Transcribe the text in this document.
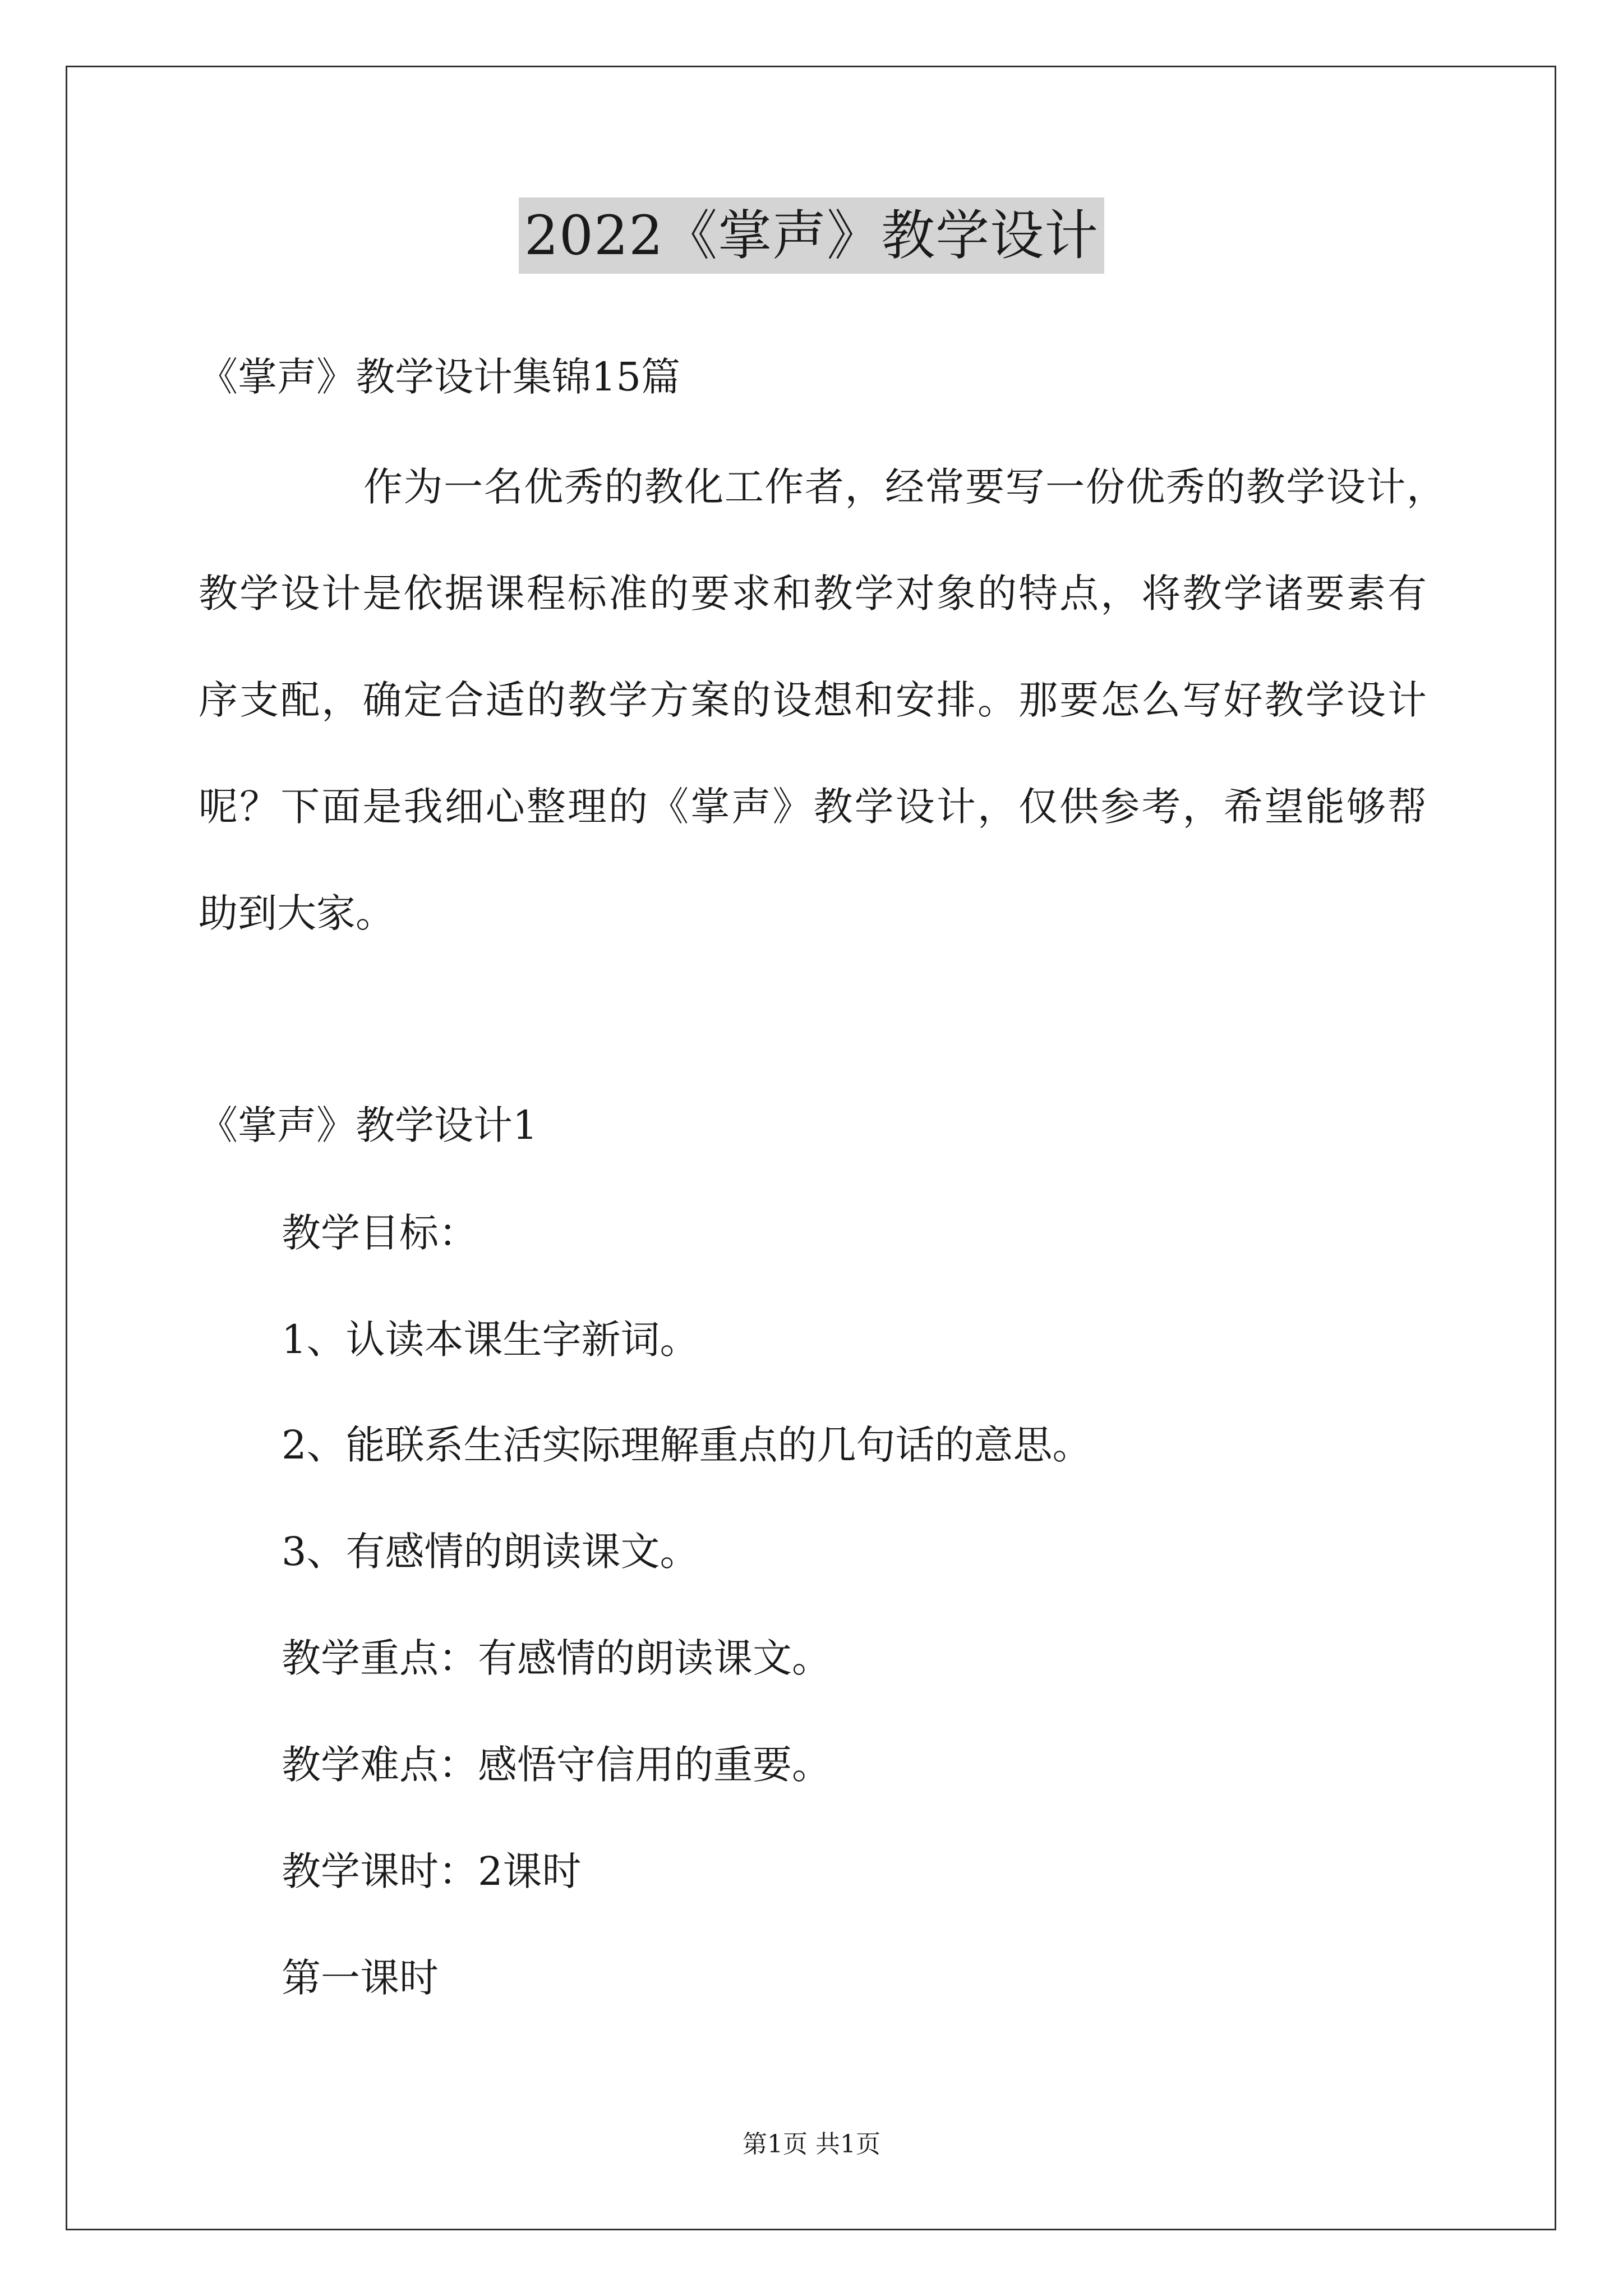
2022《掌声》教学设计
《掌声》教学设计集锦15篇
作为一名优秀的教化工作者，经常要写一份优秀的教学设计，
教学设计是依据课程标准的要求和教学对象的特点，将教学诸要素有
序支配，确定合适的教学方案的设想和安排。那要怎么写好教学设计
呢？下面是我细心整理的《掌声》教学设计，仅供参考，希望能够帮
助到大家。
《掌声》教学设计1
教学目标：
1、认读本课生字新词。
2、能联系生活实际理解重点的几句话的意思。
3、有感情的朗读课文。
教学重点：有感情的朗读课文。
教学难点：感悟守信用的重要。
教学课时：2课时
第一课时
第1页 共1页
